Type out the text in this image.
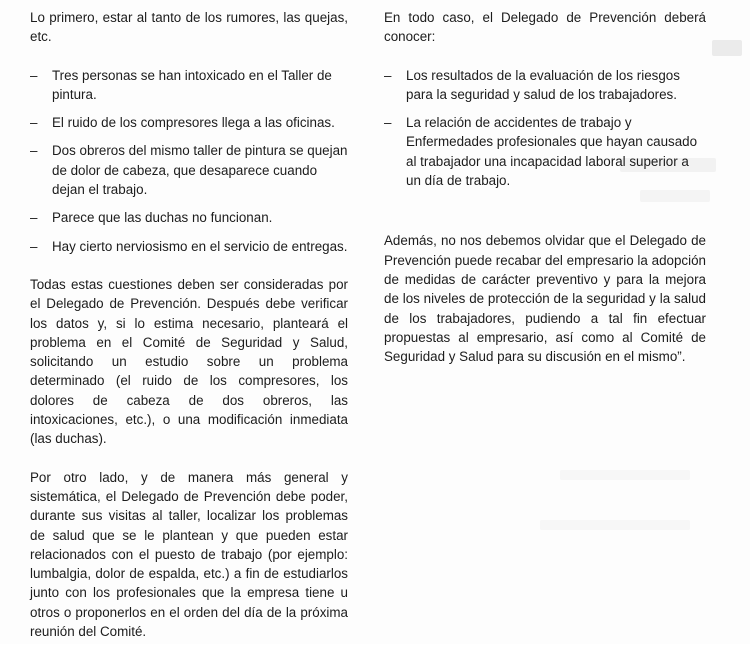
Lo primero, estar al tanto de los rumores, las quejas, etc.

– Tres personas se han intoxicado en el Taller de pintura.
– El ruido de los compresores llega a las oficinas.
– Dos obreros del mismo taller de pintura se quejan de dolor de cabeza, que desaparece cuando dejan el trabajo.
– Parece que las duchas no funcionan.
– Hay cierto nerviosismo en el servicio de entregas.

Todas estas cuestiones deben ser consideradas por el Delegado de Prevención. Después debe verificar los datos y, si lo estima necesario, planteará el problema en el Comité de Seguridad y Salud, solicitando un estudio sobre un problema determinado (el ruido de los compresores, los dolores de cabeza de dos obreros, las intoxicaciones, etc.), o una modificación inmediata (las duchas).

Por otro lado, y de manera más general y sistemática, el Delegado de Prevención debe poder, durante sus visitas al taller, localizar los problemas de salud que se le plantean y que pueden estar relacionados con el puesto de trabajo (por ejemplo: lumbalgia, dolor de espalda, etc.) a fin de estudiarlos junto con los profesionales que la empresa tiene u otros o proponerlos en el orden del día de la próxima reunión del Comité.

En todo caso, el Delegado de Prevención deberá conocer:

– Los resultados de la evaluación de los riesgos para la seguridad y salud de los trabajadores.
– La relación de accidentes de trabajo y Enfermedades profesionales que hayan causado al trabajador una incapacidad laboral superior a un día de trabajo.

Además, no nos debemos olvidar que el Delegado de Prevención puede recabar del empresario la adopción de medidas de carácter preventivo y para la mejora de los niveles de protección de la seguridad y la salud de los trabajadores, pudiendo a tal fin efectuar propuestas al empresario, así como al Comité de Seguridad y Salud para su discusión en el mismo”.
